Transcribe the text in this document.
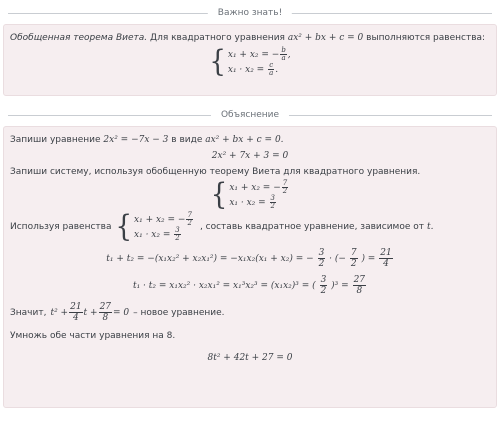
Важно знать!
Обобщенная теорема Виета. Для квадратного уравнения ax² + bx + c = 0 выполняются равенства:
{ x₁ + x₂ = − $\frac{b}{a}$ ,
$x_1 \cdot x_2 = \frac{c}{a}$ .
Объяснение
Запиши уравнение 2x² = −7x − 3 в виде ax² + bx + c = 0.
2x² + 7x + 3 = 0
Запиши систему, используя обобщенную теорему Виета для квадратного уравнения.
{ x₁ + x₂ = − $\frac{7}{2}$
$x_1 \cdot x_2 = \frac{3}{2}$
Используя равенства { x₁ + x₂ = − $\frac{7}{2}$
$x_1 \cdot x_2 = \frac{3}{2}$ , составь квадратное уравнение, зависимое от t.
t₁ + t₂ = −(x₁x₂² + x₂x₁²) = −x₁x₂(x₁ + x₂) = − $\frac{3}{2}$ · (− $\frac{7}{2}$ ) = $\frac{21}{4}$
t₁ · t₂ = x₁x₂² · x₂x₁² = x₁³x₂³ = (x₁x₂)³ = ( $\frac{3}{2} )^3 = \frac{27}{8}$
Значит, $t^2 + \frac{21}{4}$ $t + \frac{27}{8} = 0$ – новое уравнение.
Умножь обе части уравнения на 8.
8t² + 42t + 27 = 0
